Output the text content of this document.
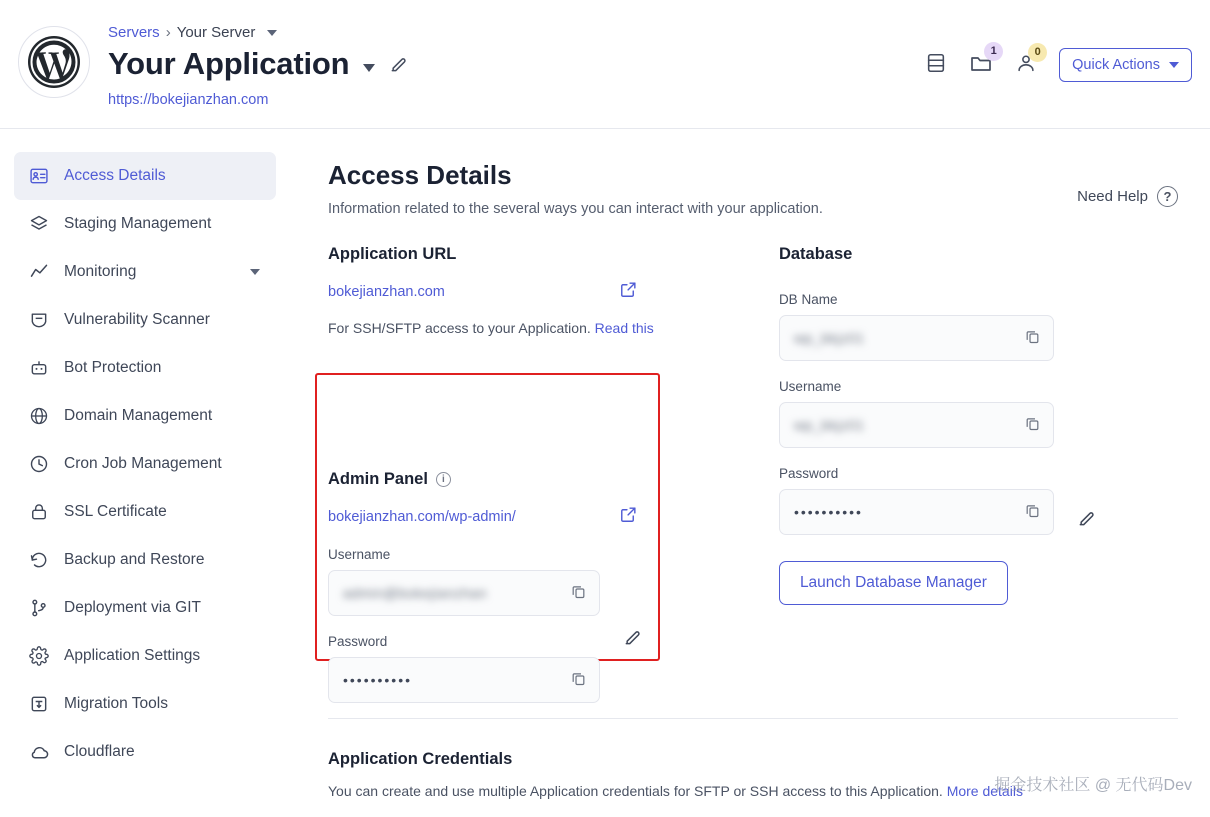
Servers › Your Server
Your Application
https://bokejianzhan.com
1	0
Quick Actions
Access Details
Staging Management
Monitoring
Vulnerability Scanner
Bot Protection
Domain Management
Cron Job Management
SSL Certificate
Backup and Restore
Deployment via GIT
Application Settings
Migration Tools
Cloudflare
Access Details

Information related to the several ways you can interact with your application.

Need Help	?
Application URL
bokejianzhan.com
For SSH/SFTP access to your Application. Read this
Admin Panel	i
bokejianzhan.com/wp-admin/
Username
admin@bokejianzhan
Password
••••••••••
Database
DB Name
wp_bkjz01
Username
wp_bkjz01
Password
••••••••••
Launch Database Manager
Application Credentials
You can create and use multiple Application credentials for SFTP or SSH access to this Application. More details
掘金技术社区 @ 无代码Dev
